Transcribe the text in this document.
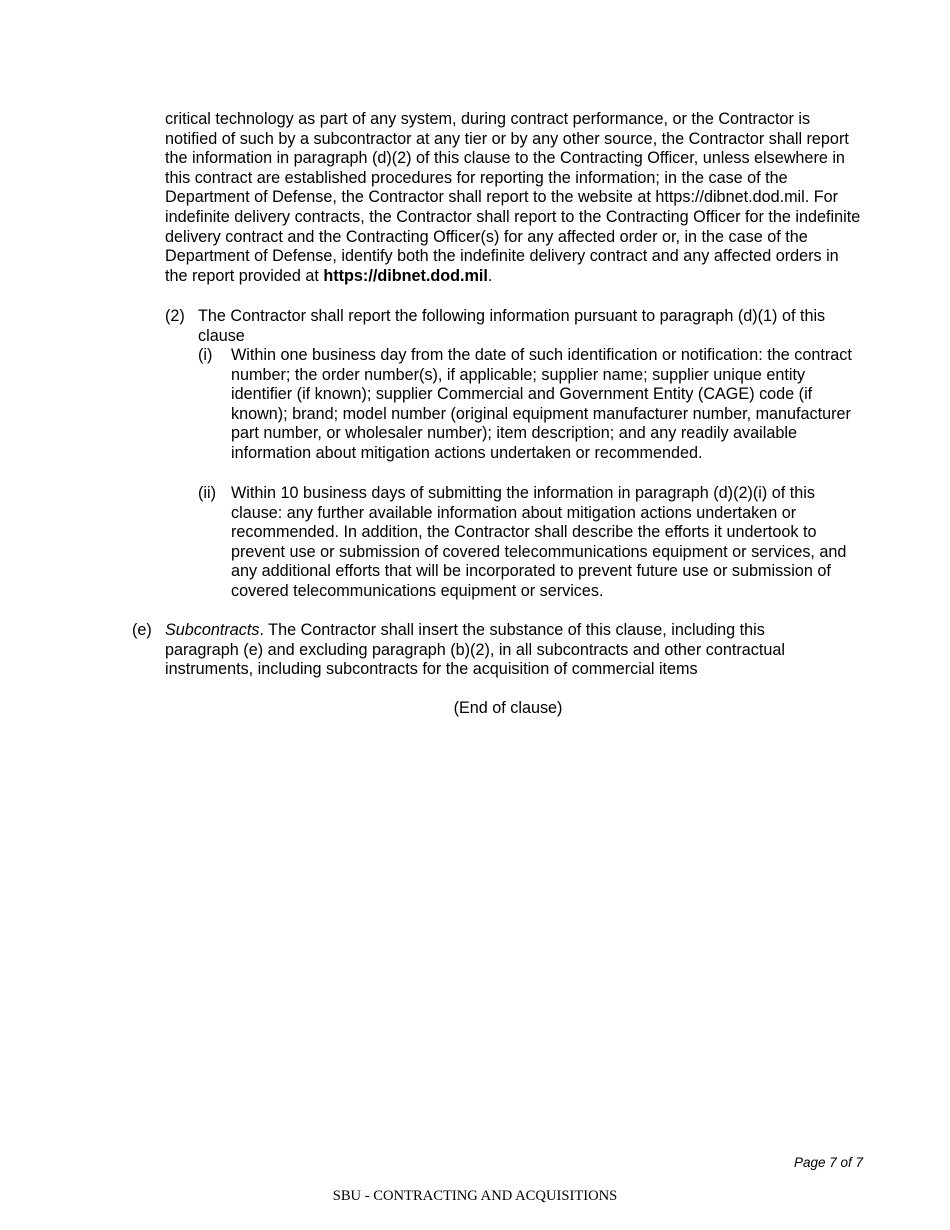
critical technology as part of any system, during contract performance, or the Contractor is notified of such by a subcontractor at any tier or by any other source, the Contractor shall report the information in paragraph (d)(2) of this clause to the Contracting Officer, unless elsewhere in this contract are established procedures for reporting the information; in the case of the Department of Defense, the Contractor shall report to the website at https://dibnet.dod.mil. For indefinite delivery contracts, the Contractor shall report to the Contracting Officer for the indefinite delivery contract and the Contracting Officer(s) for any affected order or, in the case of the Department of Defense, identify both the indefinite delivery contract and any affected orders in the report provided at https://dibnet.dod.mil.

(2) The Contractor shall report the following information pursuant to paragraph (d)(1) of this clause

(i) Within one business day from the date of such identification or notification: the contract number; the order number(s), if applicable; supplier name; supplier unique entity identifier (if known); supplier Commercial and Government Entity (CAGE) code (if known); brand; model number (original equipment manufacturer number, manufacturer part number, or wholesaler number); item description; and any readily available information about mitigation actions undertaken or recommended.

(ii) Within 10 business days of submitting the information in paragraph (d)(2)(i) of this clause: any further available information about mitigation actions undertaken or recommended. In addition, the Contractor shall describe the efforts it undertook to prevent use or submission of covered telecommunications equipment or services, and any additional efforts that will be incorporated to prevent future use or submission of covered telecommunications equipment or services.

(e) Subcontracts. The Contractor shall insert the substance of this clause, including this paragraph (e) and excluding paragraph (b)(2), in all subcontracts and other contractual instruments, including subcontracts for the acquisition of commercial items

(End of clause)
Page 7 of 7
SBU - CONTRACTING AND ACQUISITIONS
